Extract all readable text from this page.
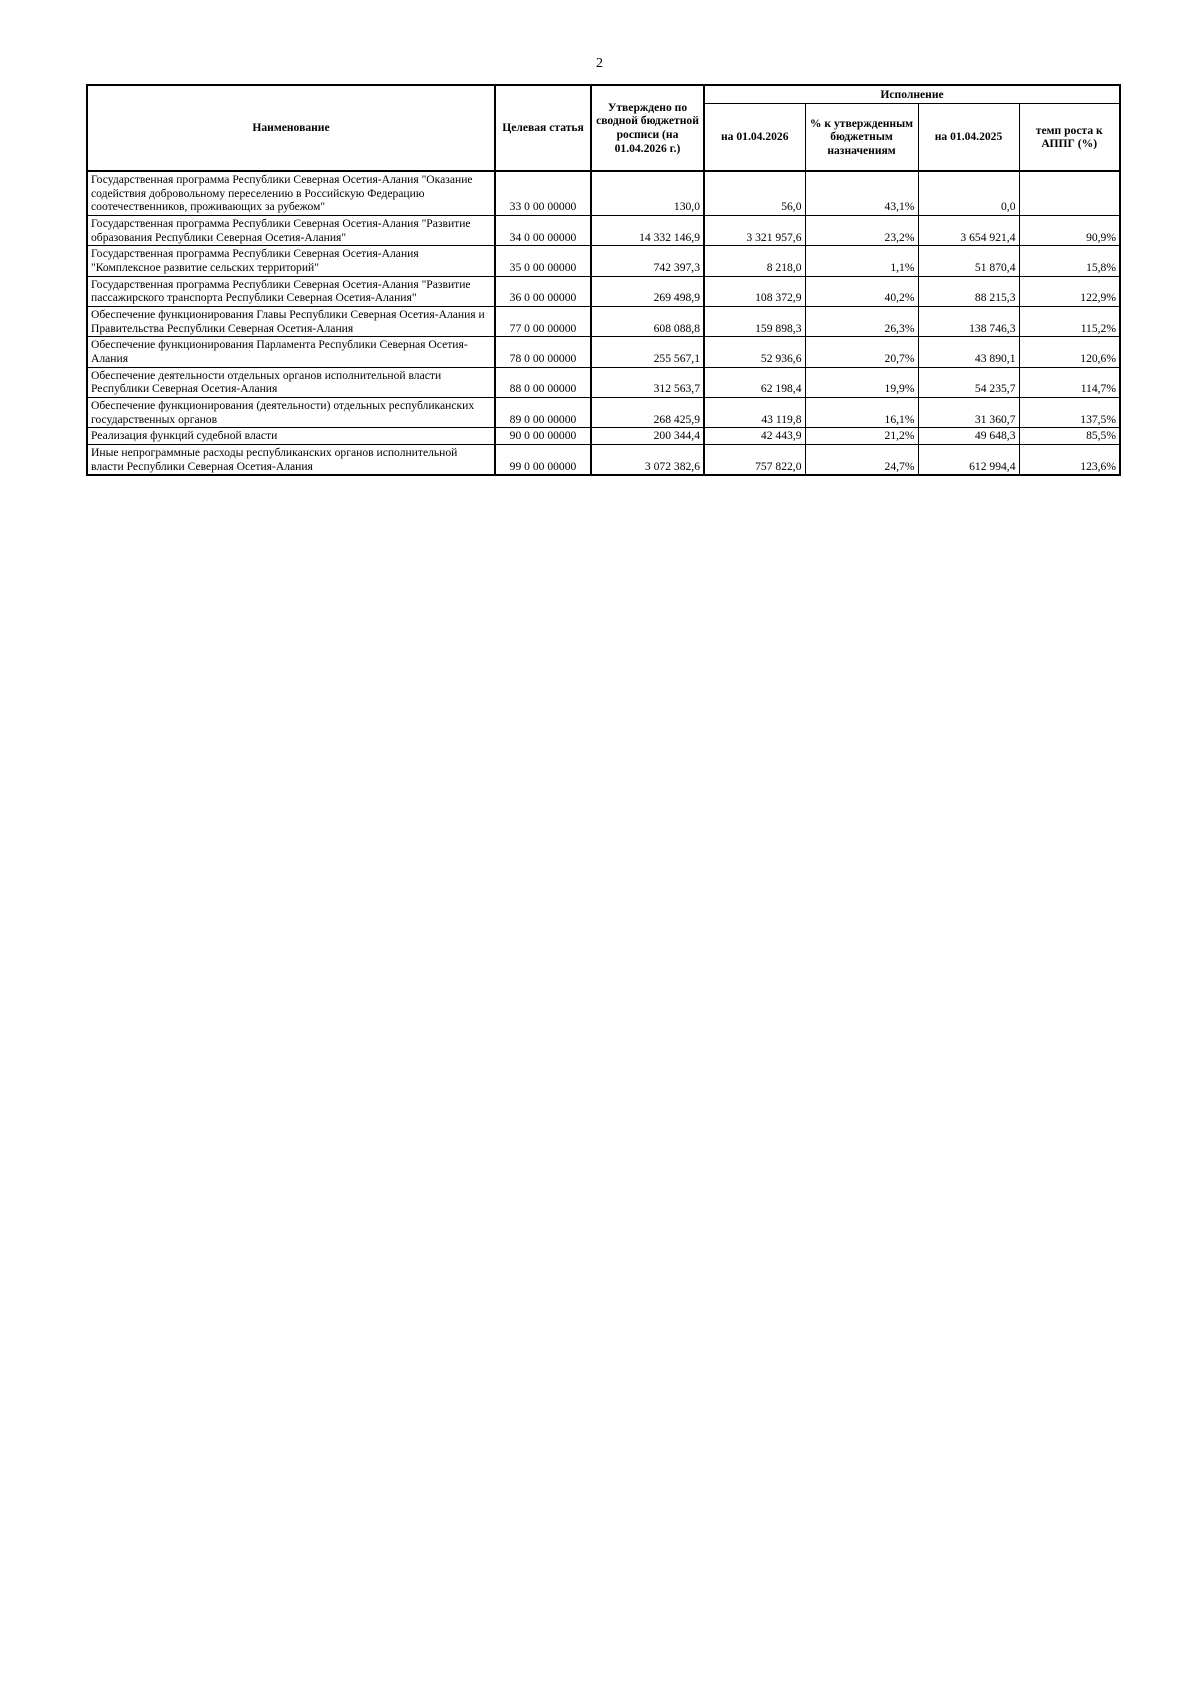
2
Наименование	Целевая статья	Утверждено по сводной бюджетной росписи (на 01.04.2026 г.)	Исполнение			
			на 01.04.2026	% к утвержденным бюджетным назначениям	на 01.04.2025	темп роста к АППГ (%)
Государственная программа Республики Северная Осетия-Алания "Оказание содействия добровольному переселению в Российскую Федерацию соотечественников, проживающих за рубежом"	33 0 00 00000	130,0	56,0	43,1%	0,0	
Государственная программа Республики Северная Осетия-Алания "Развитие образования Республики Северная Осетия-Алания"	34 0 00 00000	14 332 146,9	3 321 957,6	23,2%	3 654 921,4	90,9%
Государственная программа Республики Северная Осетия-Алания "Комплексное развитие сельских территорий"	35 0 00 00000	742 397,3	8 218,0	1,1%	51 870,4	15,8%
Государственная программа Республики Северная Осетия-Алания "Развитие пассажирского транспорта Республики Северная Осетия-Алания"	36 0 00 00000	269 498,9	108 372,9	40,2%	88 215,3	122,9%
Обеспечение функционирования Главы Республики Северная Осетия-Алания и Правительства Республики Северная Осетия-Алания	77 0 00 00000	608 088,8	159 898,3	26,3%	138 746,3	115,2%
Обеспечение функционирования Парламента Республики Северная Осетия-Алания	78 0 00 00000	255 567,1	52 936,6	20,7%	43 890,1	120,6%
Обеспечение деятельности отдельных органов исполнительной власти Республики Северная Осетия-Алания	88 0 00 00000	312 563,7	62 198,4	19,9%	54 235,7	114,7%
Обеспечение функционирования (деятельности) отдельных республиканских государственных органов	89 0 00 00000	268 425,9	43 119,8	16,1%	31 360,7	137,5%
Реализация функций судебной власти	90 0 00 00000	200 344,4	42 443,9	21,2%	49 648,3	85,5%
Иные непрограммные расходы республиканских органов исполнительной власти Республики Северная Осетия-Алания	99 0 00 00000	3 072 382,6	757 822,0	24,7%	612 994,4	123,6%
